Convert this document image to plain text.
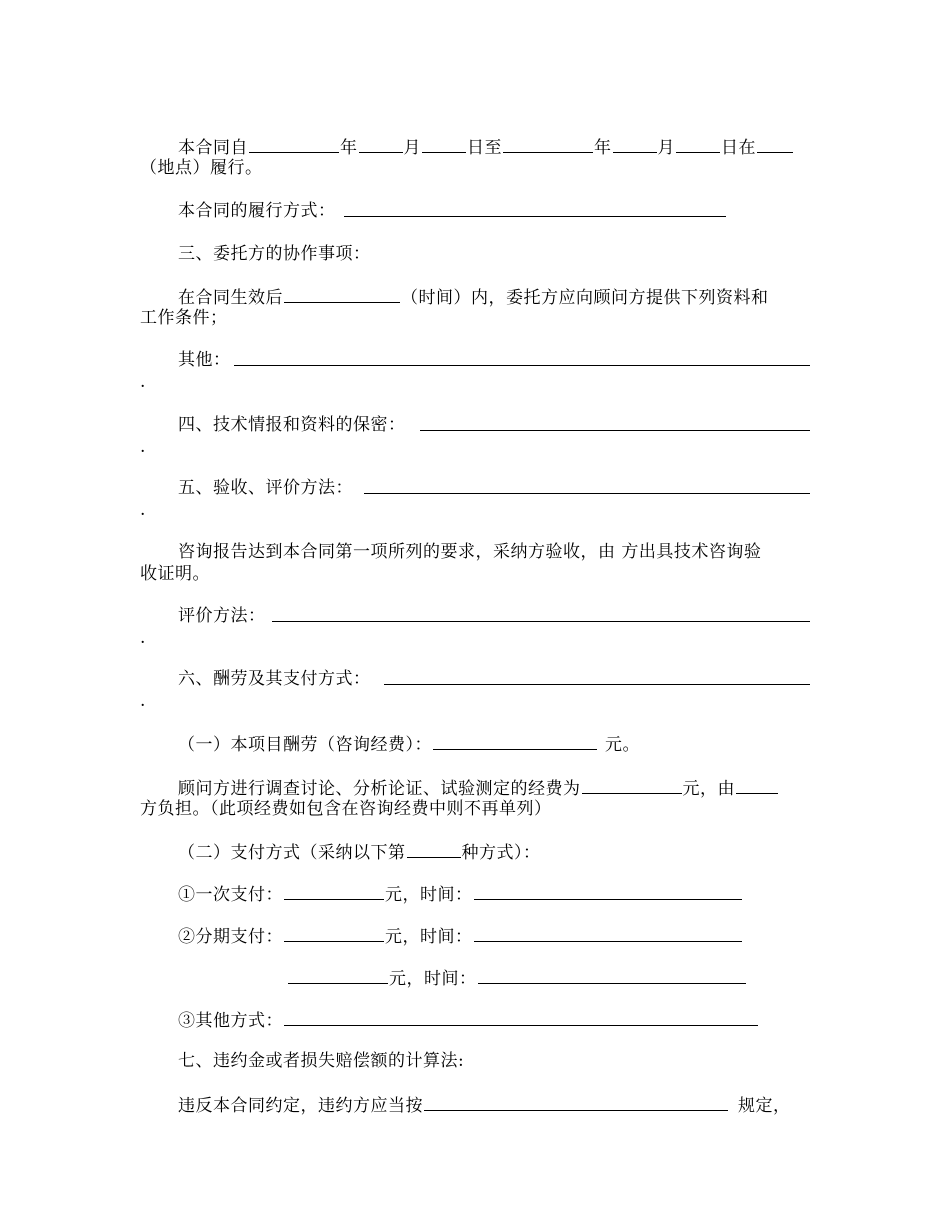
本合同自	年	月	日至	年	月	日在
（地点）履行。
本合同的履行方式：
三、委托方的协作事项：
在合同生效后	（时间）内，委托方应向顾问方提供下列资料和
工作条件；
其他：
.
四、技术情报和资料的保密：
.
五、验收、评价方法：
.
咨询报告达到本合同第一项所列的要求，采纳方验收，由 方出具技术咨询验
收证明。
评价方法：
.
六、酬劳及其支付方式：
.
（一）本项目酬劳（咨询经费）：	元。
顾问方进行调查讨论、分析论证、试验测定的经费为	元，由
方负担。（此项经费如包含在咨询经费中则不再单列）
（二）支付方式（采纳以下第	种方式）：
①一次支付：	元，时间：
②分期支付：	元，时间：
元，时间：
③其他方式：
七、违约金或者损失赔偿额的计算法:
违反本合同约定，违约方应当按	规定，
